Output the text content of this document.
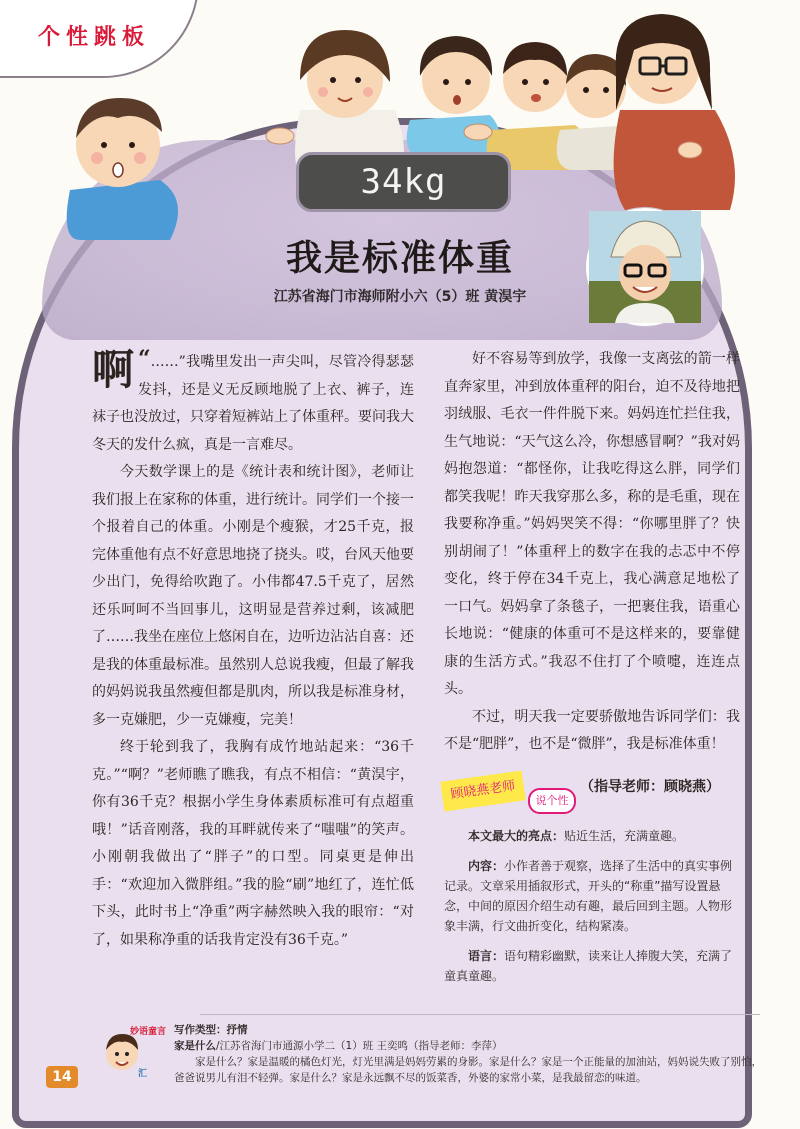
个性跳板
34kg
我是标准体重
江苏省海门市海师附小六（5）班 黄淏宇

“
啊 ……”我嘴里发出一声尖叫，尽管冷得瑟瑟发抖，还是义无反顾地脱了上衣、裤子，连袜子也没放过，只穿着短裤站上了体重秤。要问我大冬天的发什么疯，真是一言难尽。

今天数学课上的是《统计表和统计图》，老师让我们报上在家称的体重，进行统计。同学们一个接一个报着自己的体重。小刚是个瘦猴，才25千克，报完体重他有点不好意思地挠了挠头。哎，台风天他要少出门，免得给吹跑了。小伟都47.5千克了，居然还乐呵呵不当回事儿，这明显是营养过剩，该减肥了……我坐在座位上悠闲自在，边听边沾沾自喜：还是我的体重最标准。虽然别人总说我瘦，但最了解我的妈妈说我虽然瘦但都是肌肉，所以我是标准身材，多一克嫌肥，少一克嫌瘦，完美！

终于轮到我了，我胸有成竹地站起来：“36千克。”“啊？”老师瞧了瞧我，有点不相信：“黄淏宇，你有36千克？根据小学生身体素质标准可有点超重哦！”话音刚落，我的耳畔就传来了“嗤嗤”的笑声。小刚朝我做出了“胖子”的口型。同桌更是伸出手：“欢迎加入微胖组。”我的脸“刷”地红了，连忙低下头，此时书上“净重”两字赫然映入我的眼帘：“对了，如果称净重的话我肯定没有36千克。”

好不容易等到放学，我像一支离弦的箭一样直奔家里，冲到放体重秤的阳台，迫不及待地把羽绒服、毛衣一件件脱下来。妈妈连忙拦住我，生气地说：“天气这么冷，你想感冒啊？”我对妈妈抱怨道：“都怪你，让我吃得这么胖，同学们都笑我呢！昨天我穿那么多，称的是毛重，现在我要称净重。”妈妈哭笑不得：“你哪里胖了？快别胡闹了！”体重秤上的数字在我的忐忑中不停变化，终于停在34千克上，我心满意足地松了一口气。妈妈拿了条毯子，一把裹住我，语重心长地说：“健康的体重可不是这样来的，要靠健康的生活方式。”我忍不住打了个喷嚏，连连点头。

不过，明天我一定要骄傲地告诉同学们：我不是“肥胖”，也不是“微胖”，我是标准体重！

顾晓燕老师	说个性
（指导老师：顾晓燕）
本文最大的亮点：贴近生活，充满童趣。
内容：小作者善于观察，选择了生活中的真实事例记录。文章采用插叙形式，开头的“称重”描写设置悬念，中间的原因介绍生动有趣，最后回到主题。人物形象丰满，行文曲折变化，结构紧凑。
语言：语句精彩幽默，读来让人捧腹大笑，充满了童真童趣。
妙语童言
汇
14
写作类型：抒情
家是什么/江苏省海门市通源小学二（1）班 王奕鸣（指导老师：李萍）
家是什么？家是温暖的橘色灯光，灯光里满是妈妈劳累的身影。家是什么？家是一个正能量的加油站，妈妈说失败了别怕，爸爸说男儿有泪不轻弹。家是什么？家是永远飘不尽的饭菜香，外婆的家常小菜，是我最留恋的味道。
